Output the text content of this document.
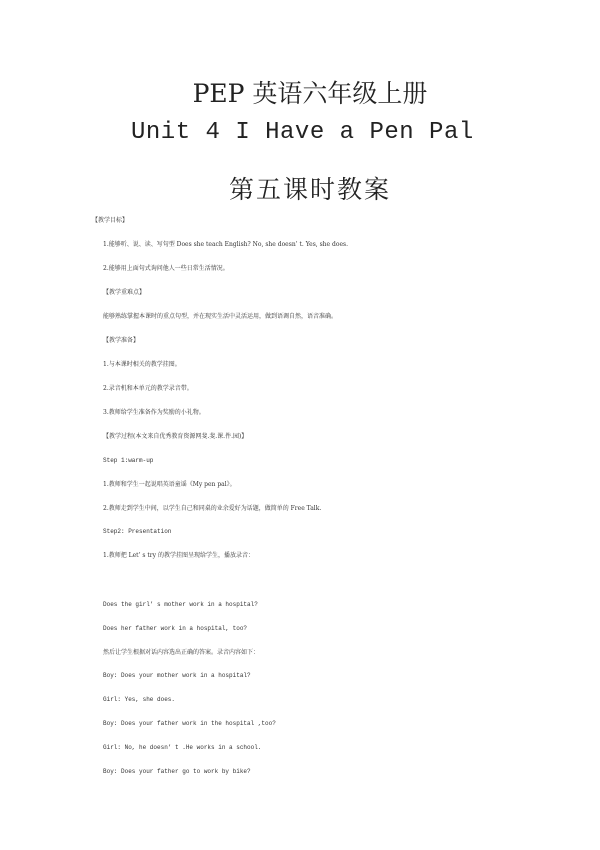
PEP 英语六年级上册
Unit 4 I Have a Pen Pal
第五课时教案
【教学目标】
1.能够听、说、读、写句型 Does she teach English? No, she doesn’ t. Yes, she does.
2.能够用上面句式询问他人一些日常生活情况。
【教学重难点】
能够熟练掌握本课时的重点句型，并在现实生活中灵活运用，做到语调自然，语音准确。
【教学准备】
1.与本课时相关的教学挂图。
2.录音机和本单元的教学录音带。
3.教师给学生准备作为奖励的小礼物。
【教学过程(本文来自优秀教育资源网斐.斐.课.件.园)】
Step 1:warm-up
1.教师和学生一起说唱英语童谣《My pen pal》。
2.教师走到学生中间，以学生自己和同桌的业余爱好为话题，做简单的 Free Talk.
Step2: Presentation
1.教师把 Let’ s try 的教学挂图呈现给学生，播放录音：
Does the girl’ s mother work in a hospital?
Does her father work in a hospital, too?
然后让学生根据对话内容选出正确的答案。录音内容如下：
Boy: Does your mother work in a hospital?
Girl: Yes, she does.
Boy: Does your father work in the hospital ,too?
Girl: No, he doesn’ t .He works in a school.
Boy: Does your father go to work by bike?
